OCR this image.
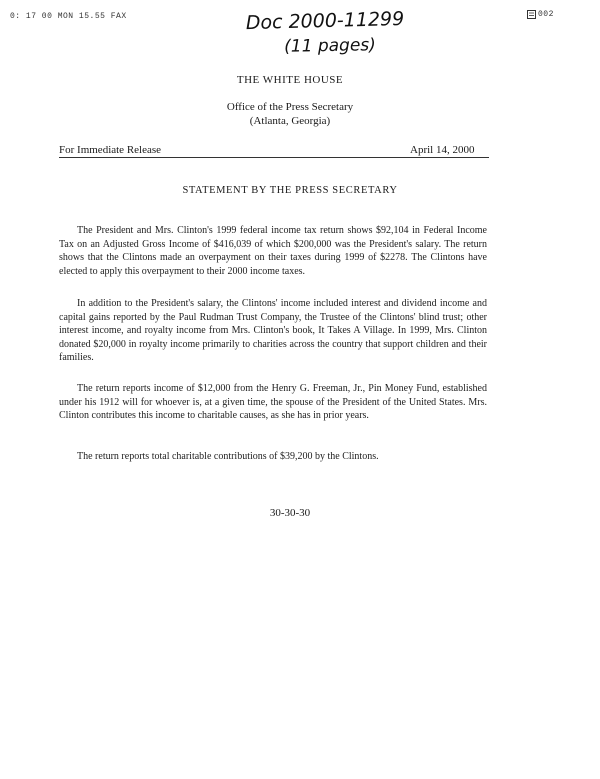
0: 17 00 MON 15.55 FAX	002
Doc 2000-11299
(11 pages)
THE WHITE HOUSE
Office of the Press Secretary
(Atlanta, Georgia)
For Immediate Release	April 14, 2000
STATEMENT BY THE PRESS SECRETARY
The President and Mrs. Clinton's 1999 federal income tax return shows $92,104 in Federal Income Tax on an Adjusted Gross Income of $416,039 of which $200,000 was the President's salary. The return shows that the Clintons made an overpayment on their taxes during 1999 of $2278. The Clintons have elected to apply this overpayment to their 2000 income taxes.
In addition to the President's salary, the Clintons' income included interest and dividend income and capital gains reported by the Paul Rudman Trust Company, the Trustee of the Clintons' blind trust; other interest income, and royalty income from Mrs. Clinton's book, It Takes A Village. In 1999, Mrs. Clinton donated $20,000 in royalty income primarily to charities across the country that support children and their families.
The return reports income of $12,000 from the Henry G. Freeman, Jr., Pin Money Fund, established under his 1912 will for whoever is, at a given time, the spouse of the President of the United States. Mrs. Clinton contributes this income to charitable causes, as she has in prior years.
The return reports total charitable contributions of $39,200 by the Clintons.
30-30-30
